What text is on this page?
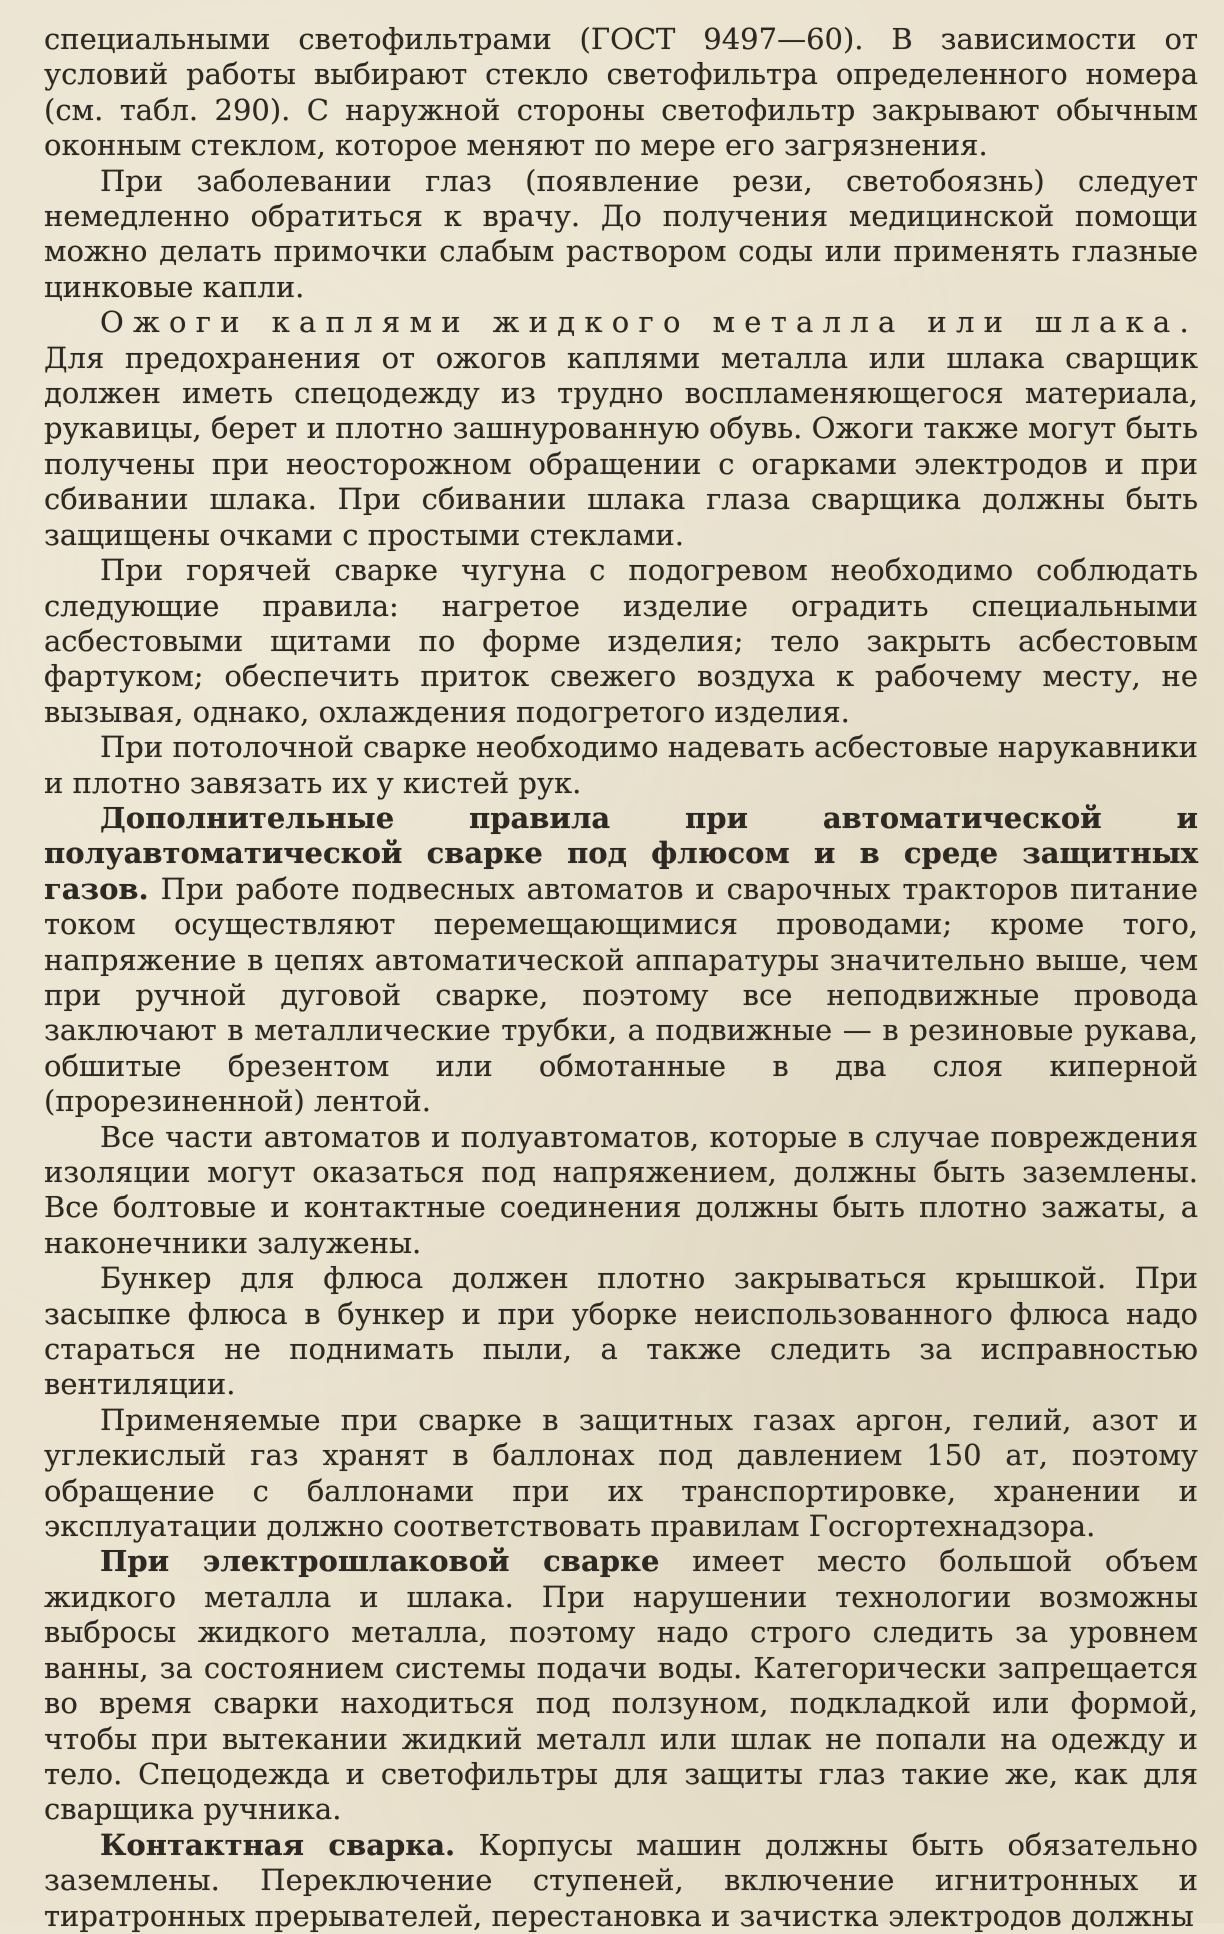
специальными светофильтрами (ГОСТ 9497—60). В зависимости от условий работы выбирают стекло светофильтра определенного номера (см. табл. 290). С наружной стороны светофильтр закрывают обычным оконным стеклом, которое меняют по мере его загрязнения.

При заболевании глаз (появление рези, светобоязнь) следует немедленно обратиться к врачу. До получения медицинской помощи можно делать примочки слабым раствором соды или применять глазные цинковые капли.

Ожоги каплями жидкого металла или шлака. Для предохранения от ожогов каплями металла или шлака сварщик должен иметь спецодежду из трудно воспламеняющегося материала, рукавицы, берет и плотно зашнурованную обувь. Ожоги также могут быть получены при неосторожном обращении с огарками электродов и при сбивании шлака. При сбивании шлака глаза сварщика должны быть защищены очками с простыми стеклами.

При горячей сварке чугуна с подогревом необходимо соблюдать следующие правила: нагретое изделие оградить специальными асбестовыми щитами по форме изделия; тело закрыть асбестовым фартуком; обеспечить приток свежего воздуха к рабочему месту, не вызывая, однако, охлаждения подогретого изделия.

При потолочной сварке необходимо надевать асбестовые нарукавники и плотно завязать их у кистей рук.

Дополнительные правила при автоматической и полуавтоматической сварке под флюсом и в среде защитных газов. При работе подвесных автоматов и сварочных тракторов питание током осуществляют перемещающимися проводами; кроме того, напряжение в цепях автоматической аппаратуры значительно выше, чем при ручной дуговой сварке, поэтому все неподвижные провода заключают в металлические трубки, а подвижные — в резиновые рукава, обшитые брезентом или обмотанные в два слоя киперной (прорезиненной) лентой.

Все части автоматов и полуавтоматов, которые в случае повреждения изоляции могут оказаться под напряжением, должны быть заземлены. Все болтовые и контактные соединения должны быть плотно зажаты, а наконечники залужены.

Бункер для флюса должен плотно закрываться крышкой. При засыпке флюса в бункер и при уборке неиспользованного флюса надо стараться не поднимать пыли, а также следить за исправностью вентиляции.

Применяемые при сварке в защитных газах аргон, гелий, азот и углекислый газ хранят в баллонах под давлением 150 ат, поэтому обращение с баллонами при их транспортировке, хранении и эксплуатации должно соответствовать правилам Госгортехнадзора.

При электрошлаковой сварке имеет место большой объем жидкого металла и шлака. При нарушении технологии возможны выбросы жидкого металла, поэтому надо строго следить за уровнем ванны, за состоянием системы подачи воды. Категорически запрещается во время сварки находиться под ползуном, подкладкой или формой, чтобы при вытекании жидкий металл или шлак не попали на одежду и тело. Спецодежда и светофильтры для защиты глаз такие же, как для сварщика ручника.

Контактная сварка. Корпусы машин должны быть обязательно заземлены. Переключение ступеней, включение игнитронных и тиратронных прерывателей, перестановка и зачистка электродов должны
